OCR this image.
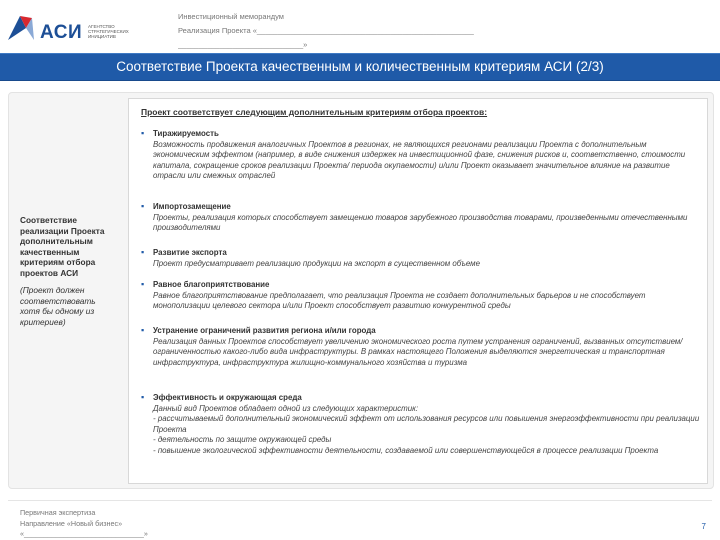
АСИ АГЕНТСТВО
СТРАТЕГИЧЕСКИХ
ИНИЦИАТИВ
Инвестиционный меморандум
Реализация Проекта «____________________________________________________
______________________________»
Соответствие Проекта качественным и количественным критериям АСИ (2/3)
Соответствие реализации Проекта дополнительным качественным критериям отбора проектов АСИ
(Проект должен соответствовать хотя бы одному из критериев)
Проект соответствует следующим дополнительным критериям отбора проектов:
▪ Тиражируемость
Возможность продвижения аналогичных Проектов в регионах, не являющихся регионами реализации Проекта с дополнительным экономическим эффектом (например, в виде снижения издержек на инвестиционной фазе, снижения рисков и, соответственно, стоимости капитала, сокращение сроков реализации Проекта/ периода окупаемости) и/или Проект оказывает значительное влияние на развитие отрасли или смежных отраслей
▪ Импортозамещение
Проекты, реализация которых способствует замещению товаров зарубежного производства товарами, произведенными отечественными производителями
▪ Развитие экспорта
Проект предусматривает реализацию продукции на экспорт в существенном объеме
▪ Равное благоприятствование
Равное благоприятствование предполагает, что реализация Проекта не создает дополнительных барьеров и не способствует монополизации целевого сектора и/или Проект способствует развитию конкурентной среды
▪ Устранение ограничений развития региона и/или города
Реализация данных Проектов способствует увеличению экономического роста путем устранения ограничений, вызванных отсутствием/ограниченностью какого-либо вида инфраструктуры. В рамках настоящего Положения выделяются энергетическая и транспортная инфраструктура, инфраструктура жилищно-коммунального хозяйства и туризма
▪ Эффективность и окружающая среда
Данный вид Проектов обладает одной из следующих характеристик:
- рассчитываемый дополнительный экономический эффект от использования ресурсов или повышения энергоэффективности при реализации Проекта
- деятельность по защите окружающей среды
- повышение экологической эффективности деятельности, создаваемой или совершенствующейся в процессе реализации Проекта
Первичная экспертиза
Направление «Новый бизнес»
«______________________________»
7
